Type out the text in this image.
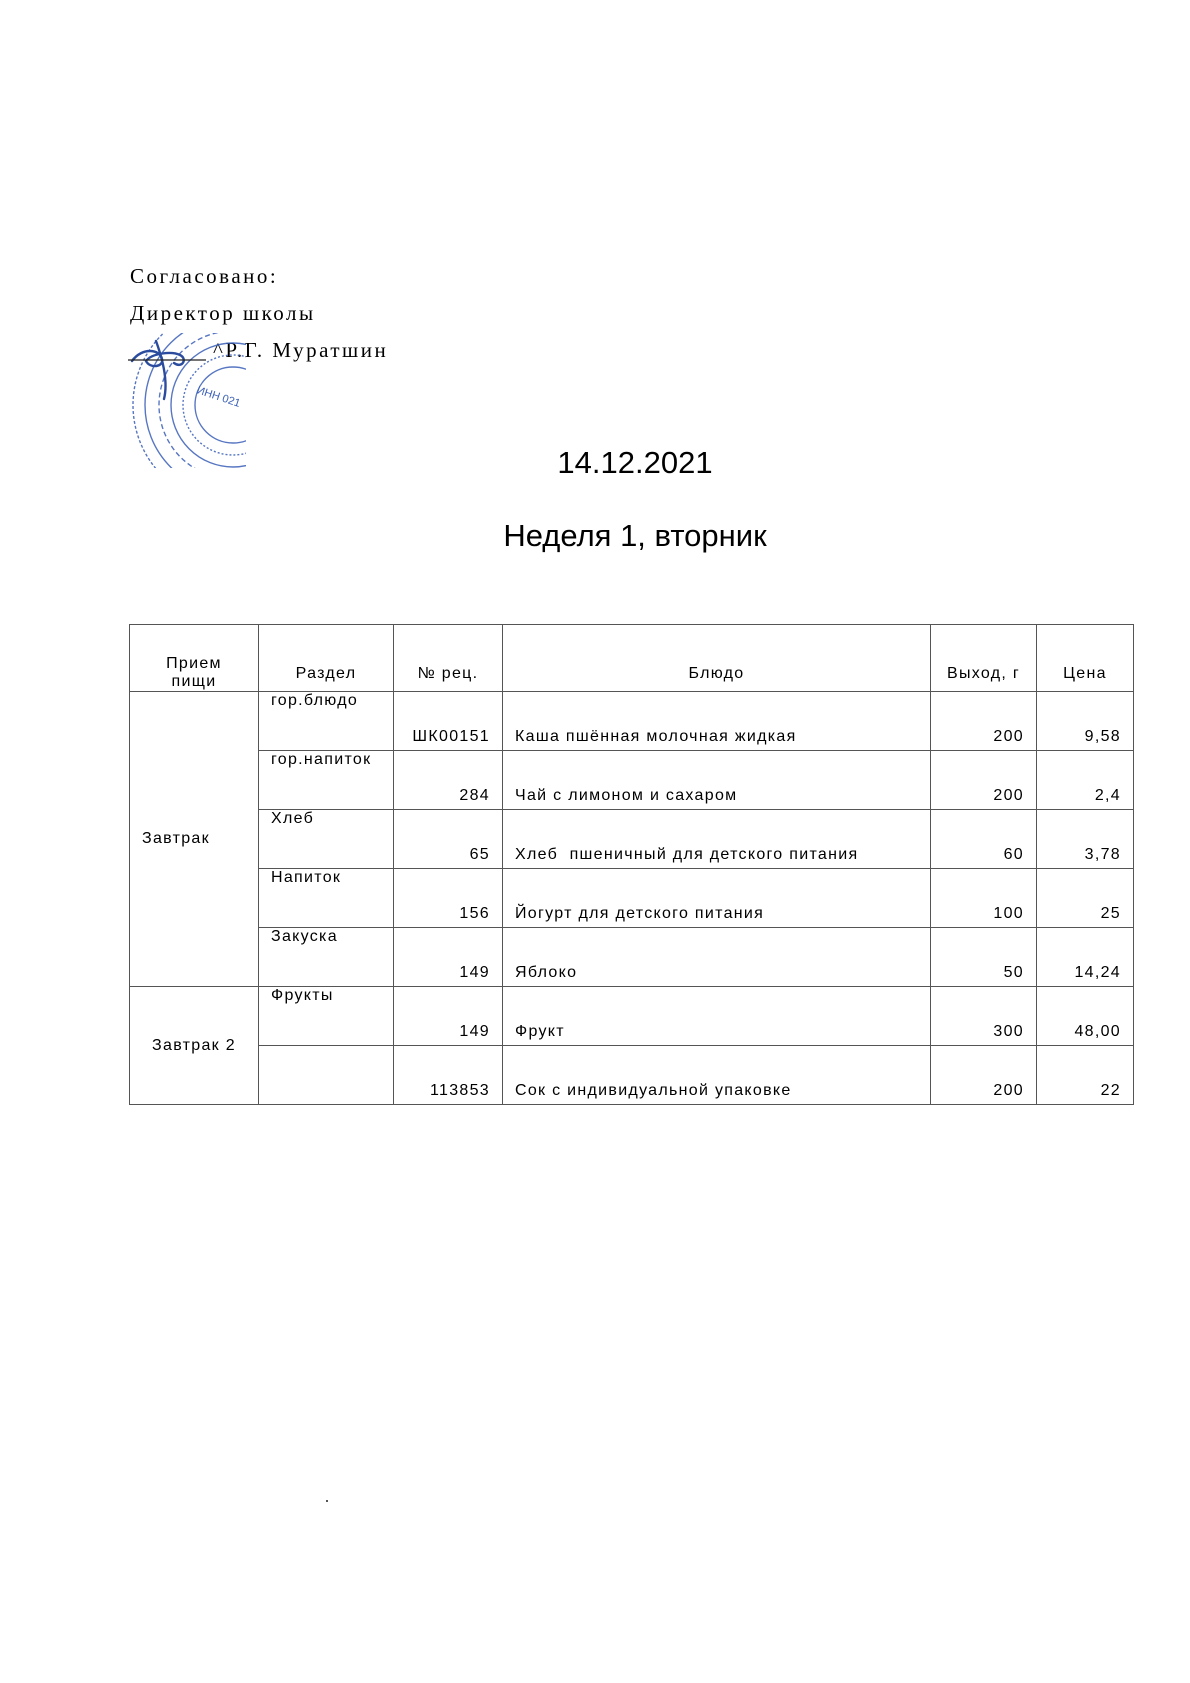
Согласовано:
Директор школы
^Р.Г. Муратшин
ИНН 021
14.12.2021
Неделя 1, вторник
Прием пищи	Раздел	№ рец.	Блюдо	Выход, г	Цена
Завтрак	гор.блюдо	ШК00151	Каша пшённая молочная жидкая	200	9,58
	гор.напиток	284	Чай с лимоном и сахаром	200	2,4
	Хлеб	65	Хлеб  пшеничный для детского питания	60	3,78
	Напиток	156	Йогурт для детского питания	100	25
	Закуска	149	Яблоко	50	14,24
Завтрак 2	Фрукты	149	Фрукт	300	48,00
		113853	Сок с индивидуальной упаковке	200	22
